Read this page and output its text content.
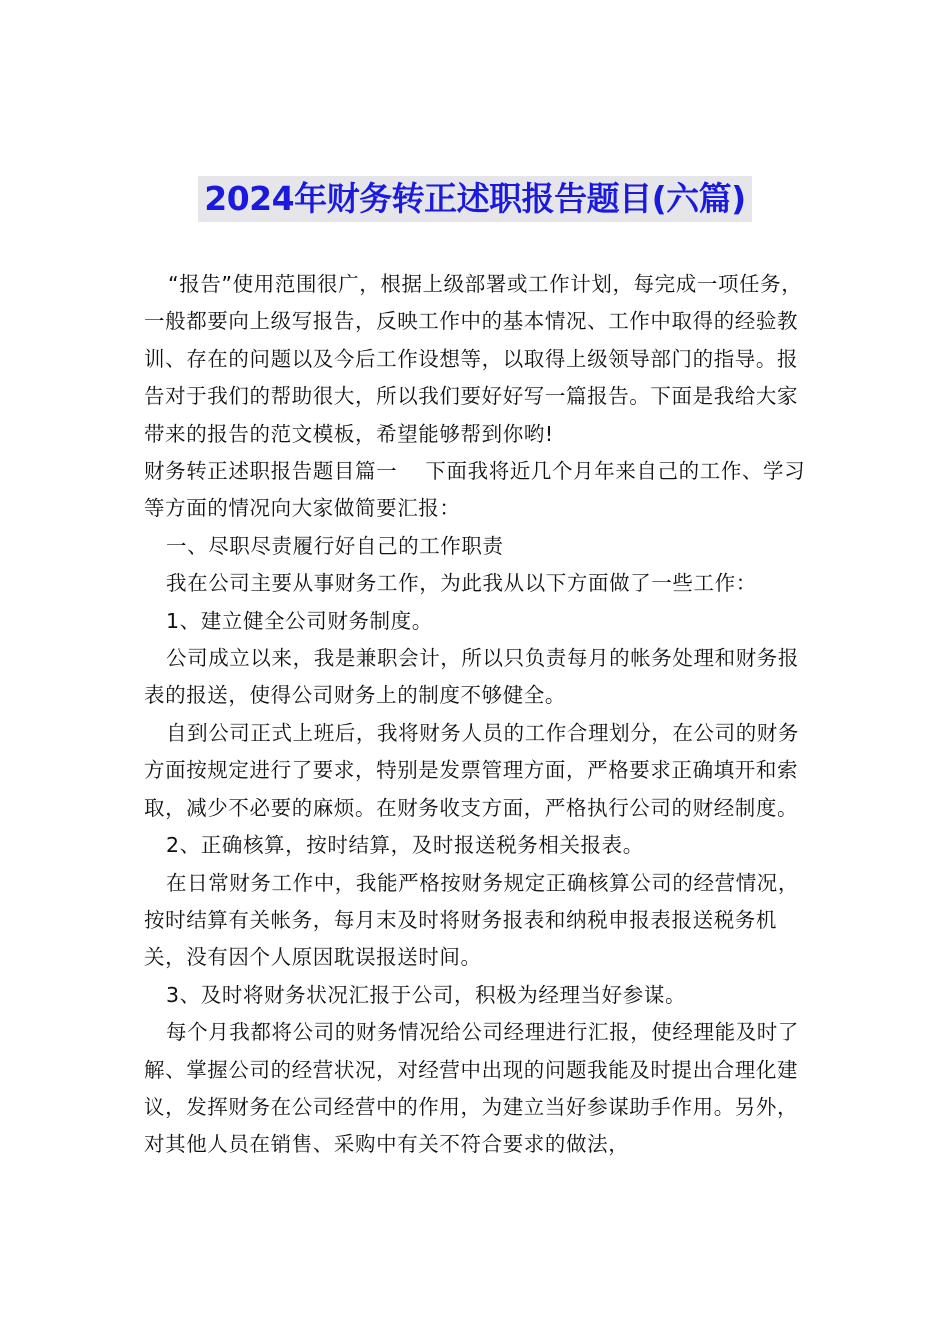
2024年财务转正述职报告题目(六篇)

“报告”使用范围很广，根据上级部署或工作计划，每完成一项任务，一般都要向上级写报告，反映工作中的基本情况、工作中取得的经验教训、存在的问题以及今后工作设想等，以取得上级领导部门的指导。报告对于我们的帮助很大，所以我们要好好写一篇报告。下面是我给大家带来的报告的范文模板，希望能够帮到你哟!

财务转正述职报告题目篇一　 下面我将近几个月年来自己的工作、学习等方面的情况向大家做简要汇报：

一、尽职尽责履行好自己的工作职责

我在公司主要从事财务工作，为此我从以下方面做了一些工作：

1、建立健全公司财务制度。

公司成立以来，我是兼职会计，所以只负责每月的帐务处理和财务报表的报送，使得公司财务上的制度不够健全。

自到公司正式上班后，我将财务人员的工作合理划分，在公司的财务方面按规定进行了要求，特别是发票管理方面，严格要求正确填开和索取，减少不必要的麻烦。在财务收支方面，严格执行公司的财经制度。

2、正确核算，按时结算，及时报送税务相关报表。

在日常财务工作中，我能严格按财务规定正确核算公司的经营情况，按时结算有关帐务，每月末及时将财务报表和纳税申报表报送税务机关，没有因个人原因耽误报送时间。

3、及时将财务状况汇报于公司，积极为经理当好参谋。

每个月我都将公司的财务情况给公司经理进行汇报，使经理能及时了解、掌握公司的经营状况，对经营中出现的问题我能及时提出合理化建议，发挥财务在公司经营中的作用，为建立当好参谋助手作用。另外，对其他人员在销售、采购中有关不符合要求的做法，
